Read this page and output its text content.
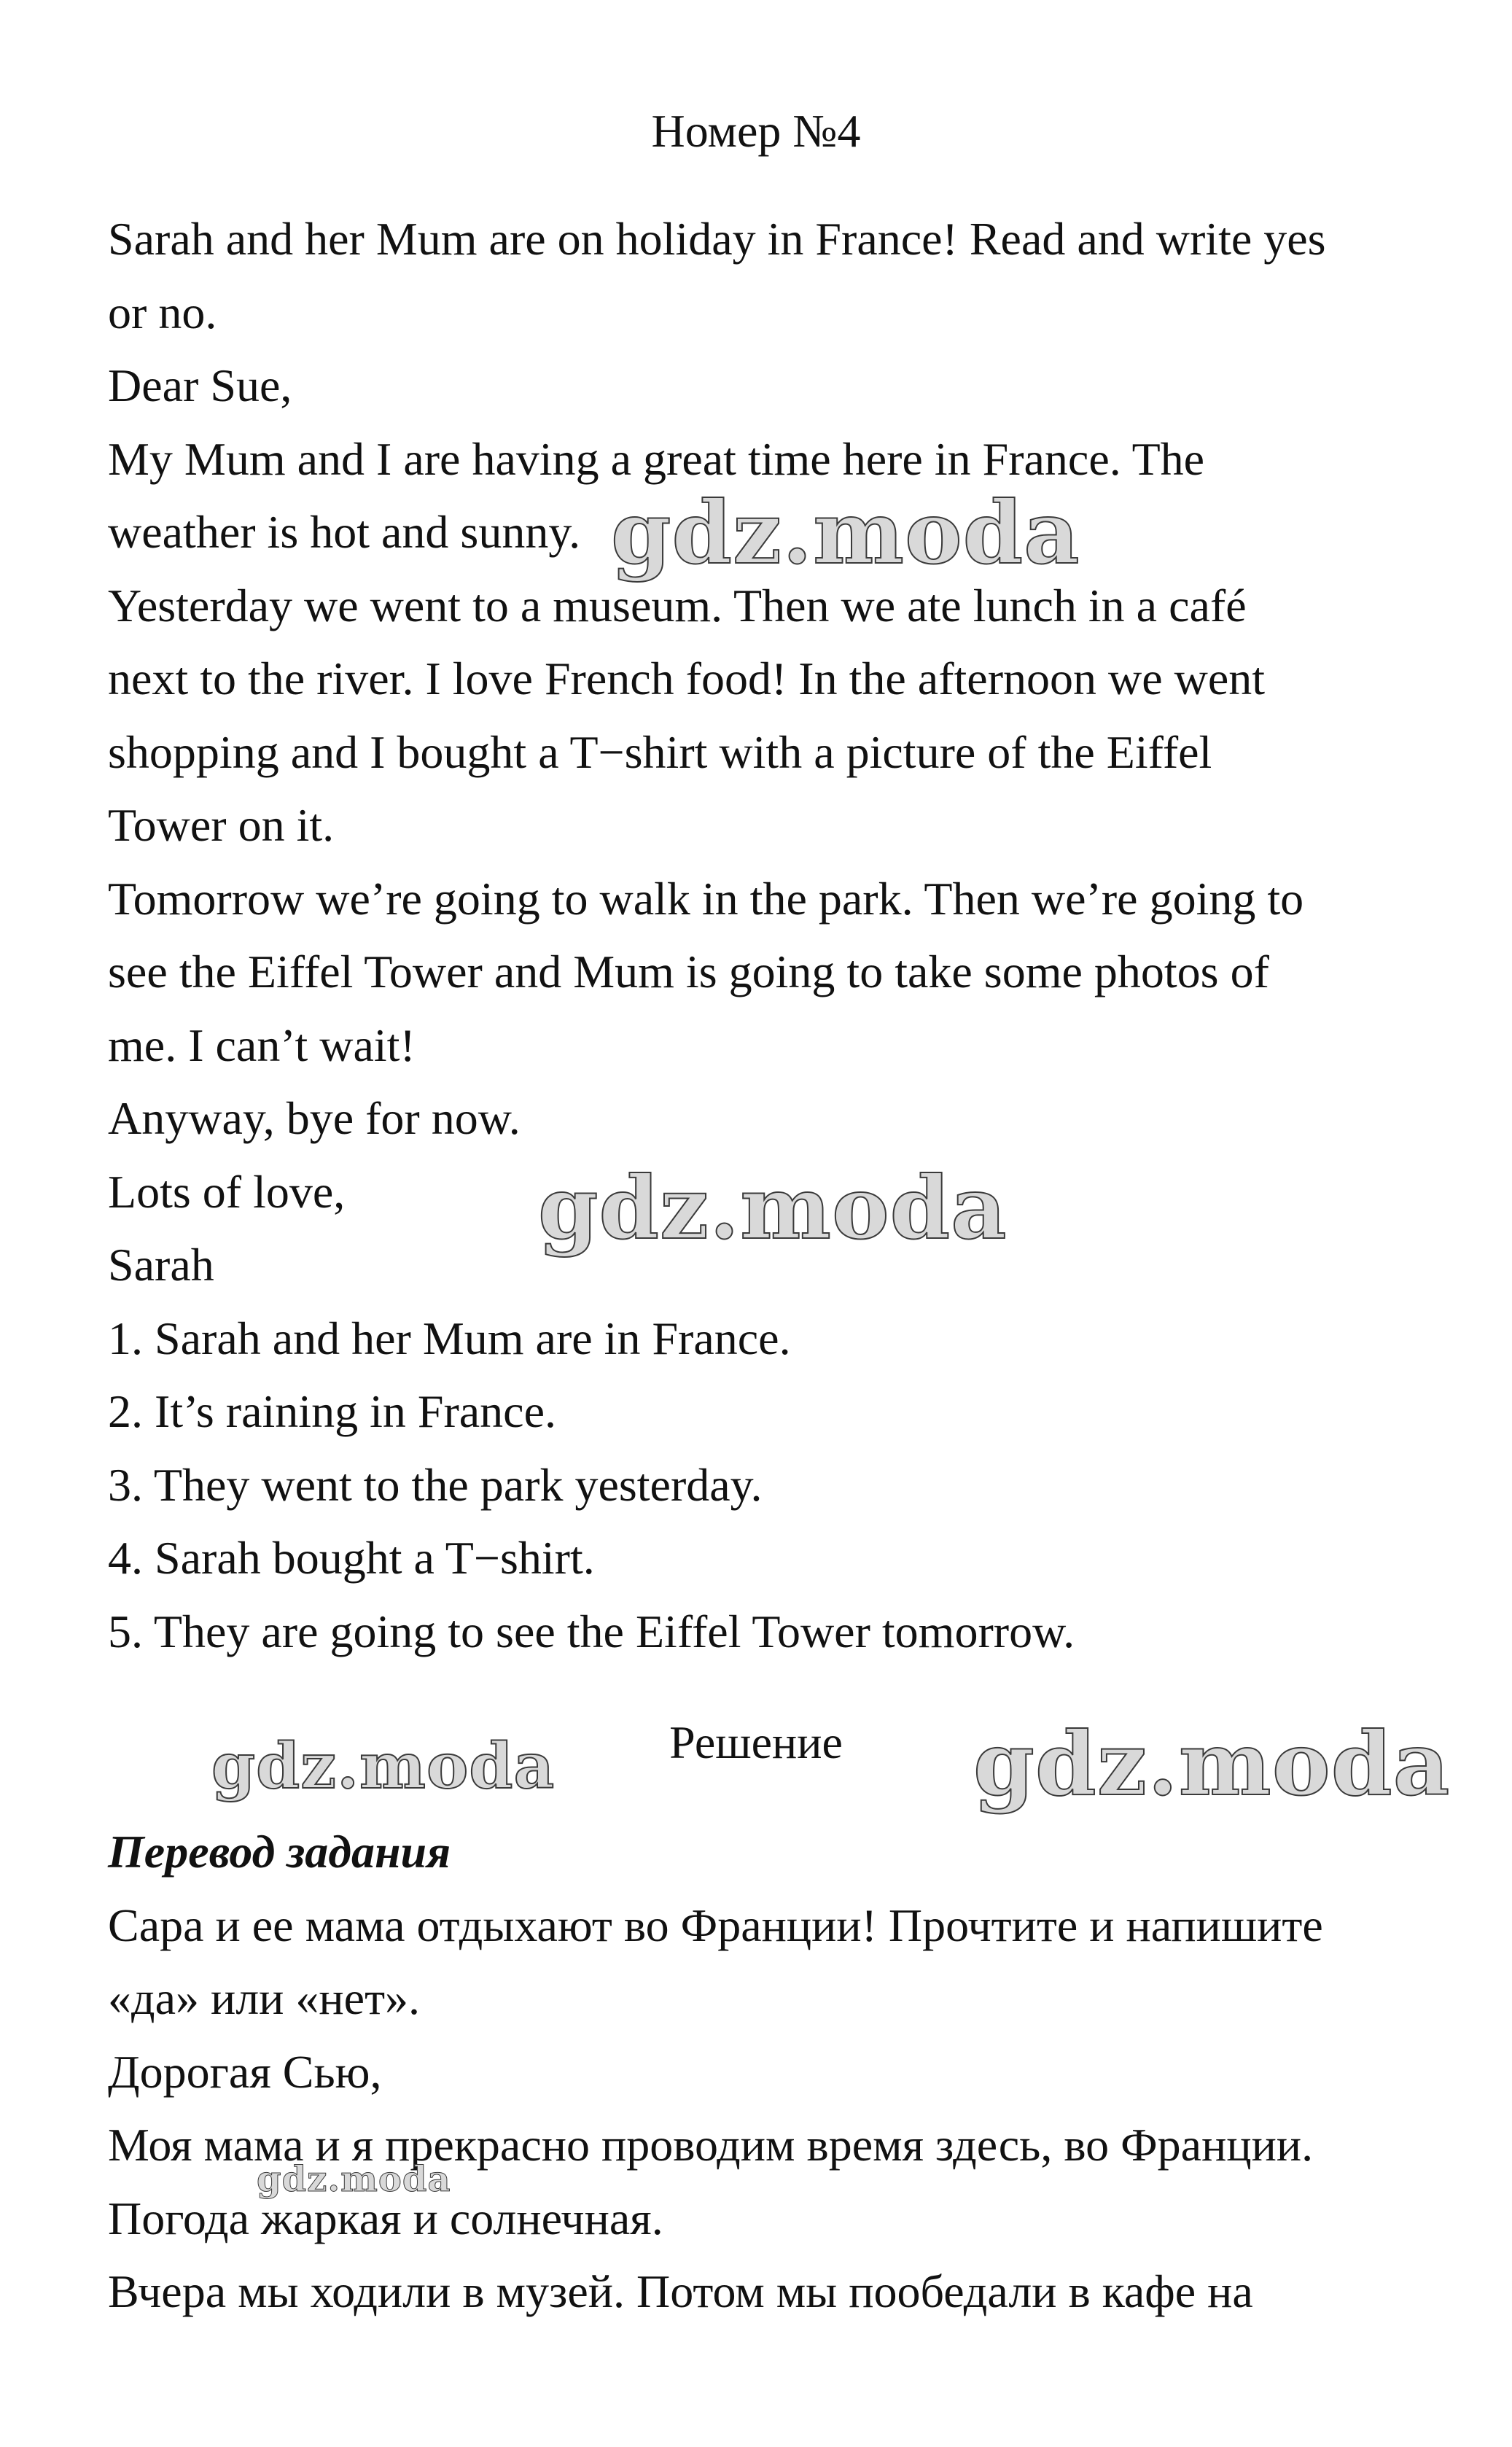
Номер №4

Sarah and her Mum are on holiday in France! Read and write yes

or no.

Dear Sue,

My Mum and I are having a great time here in France. The

weather is hot and sunny.

Yesterday we went to a museum. Then we ate lunch in a café

next to the river. I love French food! In the afternoon we went

shopping and I bought a T−shirt with a picture of the Eiffel

Tower on it.

Tomorrow we’re going to walk in the park. Then we’re going to

see the Eiffel Tower and Mum is going to take some photos of

me. I can’t wait!

Anyway, bye for now.

Lots of love,

Sarah

1. Sarah and her Mum are in France.

2. It’s raining in France.

3. They went to the park yesterday.

4. Sarah bought a T−shirt.

5. They are going to see the Eiffel Tower tomorrow.

Решение

Перевод задания

Сара и ее мама отдыхают во Франции! Прочтите и напишите

«да» или «нет».

Дорогая Сью,

Моя мама и я прекрасно проводим время здесь, во Франции.

Погода жаркая и солнечная.

Вчера мы ходили в музей. Потом мы пообедали в кафе на

gdz.moda
gdz.moda
gdz.moda	gdz.moda
gdz.moda
